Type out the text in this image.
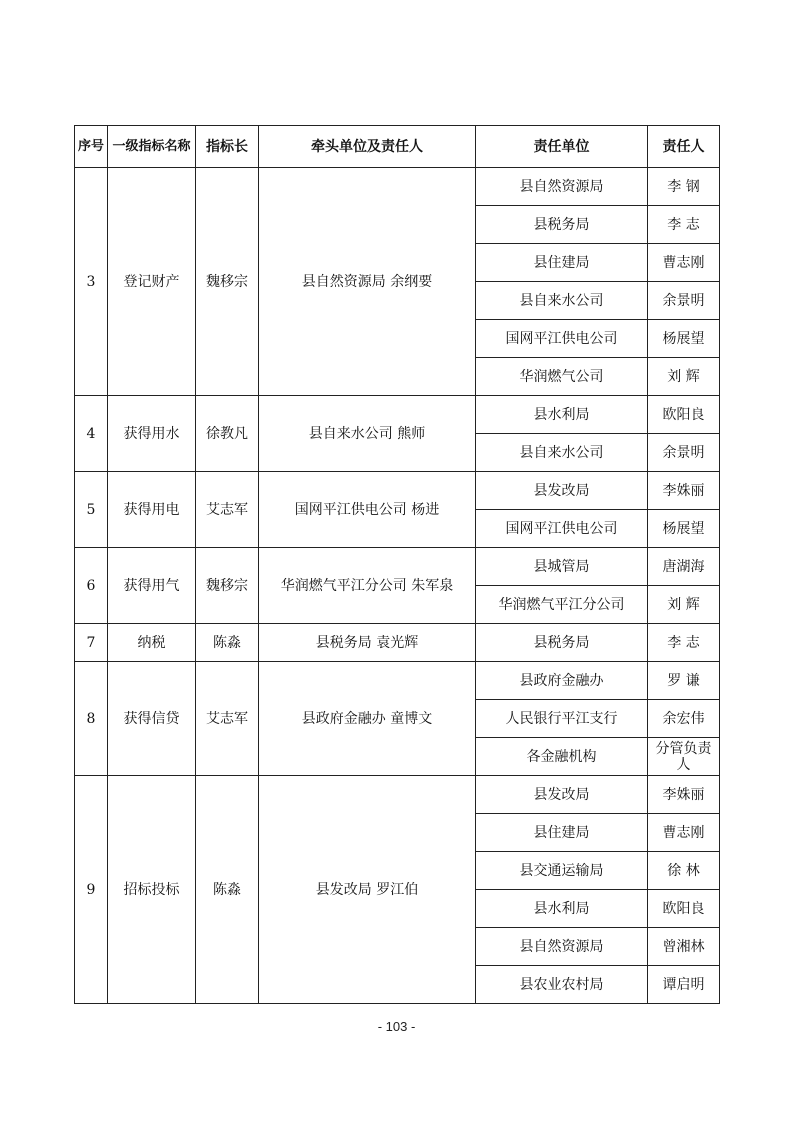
序号	一级指标名称	指标长	牵头单位及责任人	责任单位	责任人
3	登记财产	魏移宗	县自然资源局 余纲要	县自然资源局	李 钢
				县税务局	李 志
				县住建局	曹志刚
				县自来水公司	余景明
				国网平江供电公司	杨展望
				华润燃气公司	刘 辉
4	获得用水	徐教凡	县自来水公司 熊师	县水利局	欧阳良
				县自来水公司	余景明
5	获得用电	艾志军	国网平江供电公司 杨进	县发改局	李姝丽
				国网平江供电公司	杨展望
6	获得用气	魏移宗	华润燃气平江分公司 朱军泉	县城管局	唐湖海
				华润燃气平江分公司	刘 辉
7	纳税	陈淼	县税务局 袁光辉	县税务局	李 志
8	获得信贷	艾志军	县政府金融办 童博文	县政府金融办	罗 谦
				人民银行平江支行	余宏伟
				各金融机构	分管负责人
9	招标投标	陈淼	县发改局 罗江伯	县发改局	李姝丽
				县住建局	曹志刚
				县交通运输局	徐 林
				县水利局	欧阳良
				县自然资源局	曾湘林
				县农业农村局	谭启明
- 103 -
